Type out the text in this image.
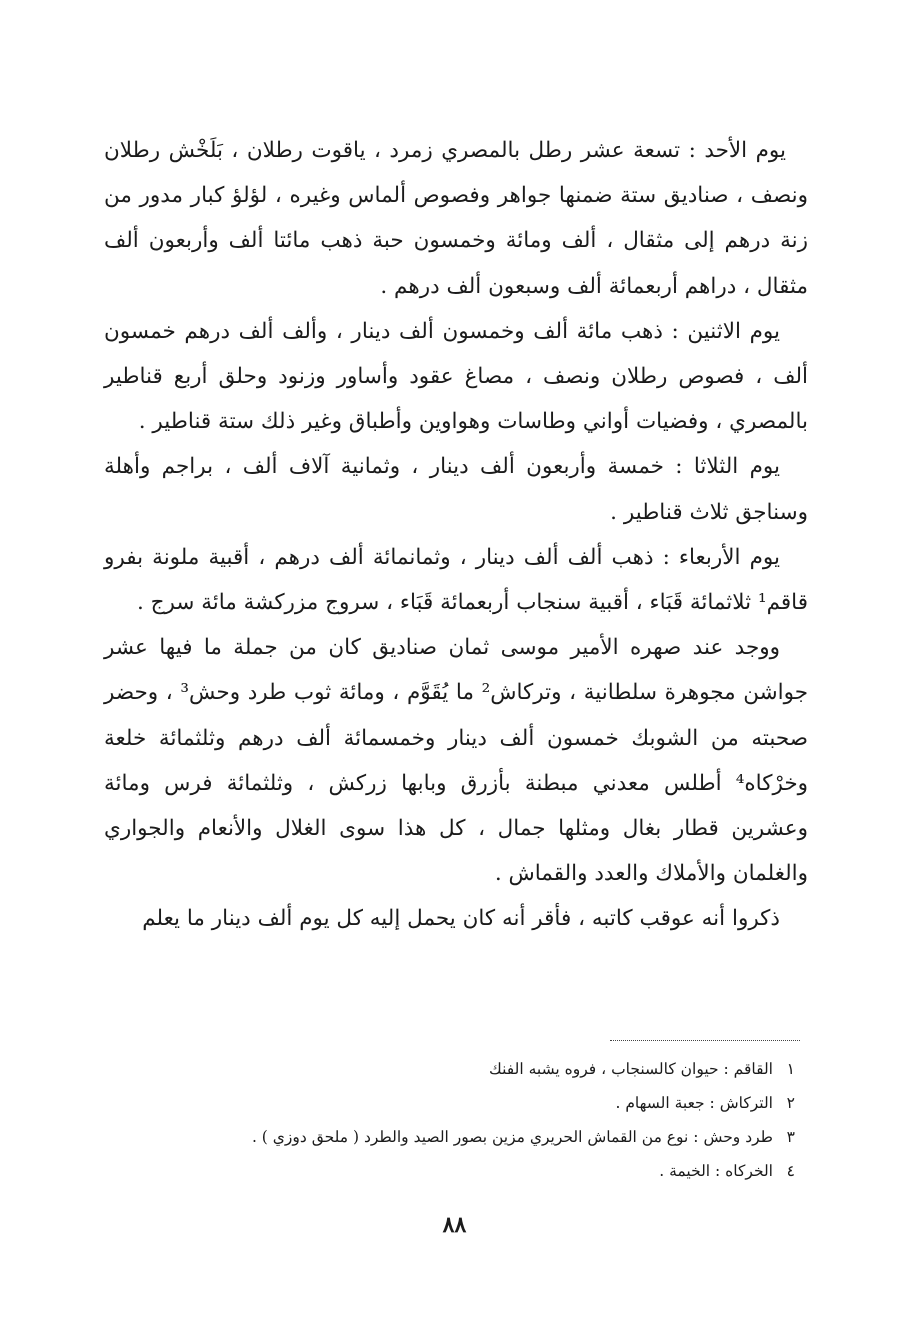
يوم الأحد : تسعة عشر رطل بالمصري زمرد ، ياقوت رطلان ، بَلَخْش رطلان ونصف ، صناديق ستة ضمنها جواهر وفصوص ألماس وغيره ، لؤلؤ كبار مدور من زنة درهم إلى مثقال ، ألف ومائة وخمسون حبة ذهب مائتا ألف وأربعون ألف مثقال ، دراهم أربعمائة ألف وسبعون ألف درهم .

يوم الاثنين : ذهب مائة ألف وخمسون ألف دينار ، وألف ألف درهم خمسون ألف ، فصوص رطلان ونصف ، مصاغ عقود وأساور وزنود وحلق أربع قناطير بالمصري ، وفضيات أواني وطاسات وهواوين وأطباق وغير ذلك ستة قناطير .

يوم الثلاثا : خمسة وأربعون ألف دينار ، وثمانية آلاف ألف ، براجم وأهلة وسناجق ثلاث قناطير .

يوم الأربعاء : ذهب ألف ألف دينار ، وثمانمائة ألف درهم ، أقبية ملونة بفرو قاقم¹ ثلاثمائة قَبَاء ، أقبية سنجاب أربعمائة قَبَاء ، سروج مزركشة مائة سرج .

ووجد عند صهره الأمير موسى ثمان صناديق كان من جملة ما فيها عشر جواشن مجوهرة سلطانية ، وتركاش² ما يُقَوَّم ، ومائة ثوب طرد وحش³ ، وحضر صحبته من الشوبك خمسون ألف دينار وخمسمائة ألف درهم وثلثمائة خلعة وخرْكاه⁴ أطلس معدني مبطنة بأزرق وبابها زركش ، وثلثمائة فرس ومائة وعشرين قطار بغال ومثلها جمال ، كل هذا سوى الغلال والأنعام والجواري والغلمان والأملاك والعدد والقماش .

ذكروا أنه عوقب كاتبه ، فأقر أنه كان يحمل إليه كل يوم ألف دينار ما يعلم

١
القاقم : حيوان كالسنجاب ، فروه يشبه الفنك
٢
التركاش : جعبة السهام .
٣
طرد وحش : نوع من القماش الحريري مزين بصور الصيد والطرد ( ملحق دوزي ) .
٤
الخركاه : الخيمة .
٨٨
